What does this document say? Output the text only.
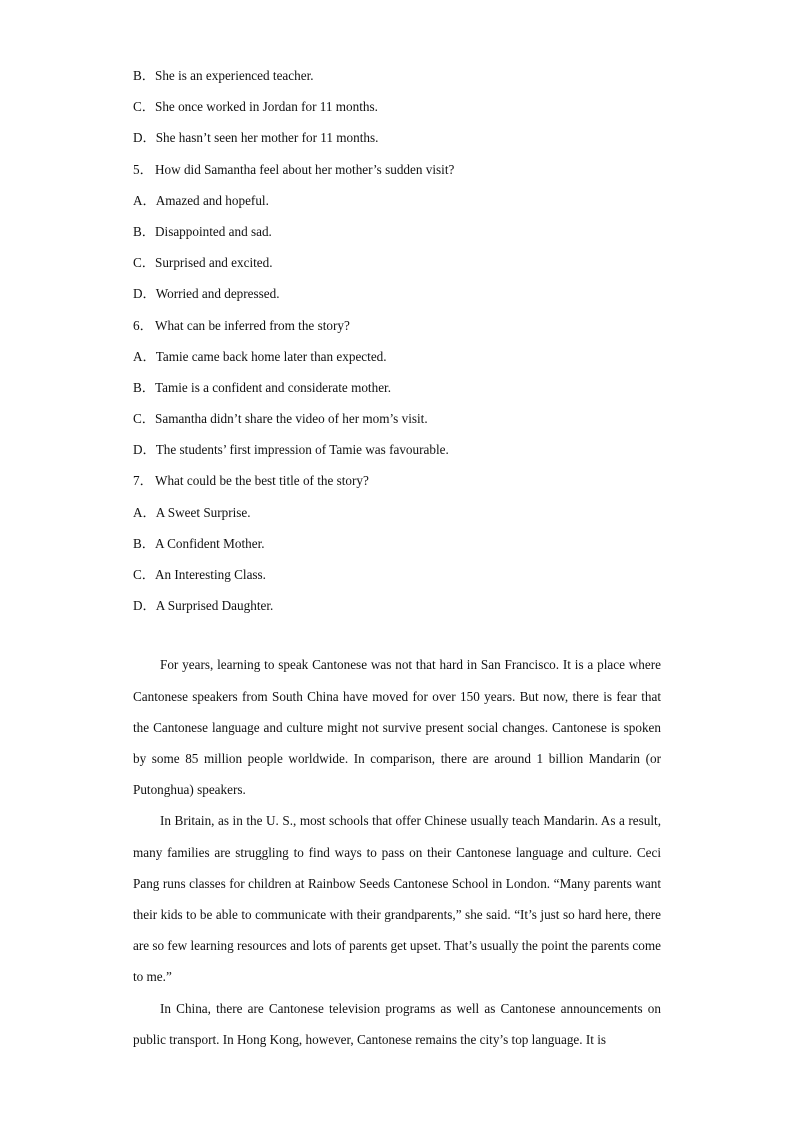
B．She is an experienced teacher.
C．She once worked in Jordan for 11 months.
D．She hasn’t seen her mother for 11 months.
5． How did Samantha feel about her mother’s sudden visit?
A．Amazed and hopeful.
B．Disappointed and sad.
C．Surprised and excited.
D．Worried and depressed.
6． What can be inferred from the story?
A．Tamie came back home later than expected.
B．Tamie is a confident and considerate mother.
C．Samantha didn’t share the video of her mom’s visit.
D．The students’ first impression of Tamie was favourable.
7． What could be the best title of the story?
A．A Sweet Surprise.
B．A Confident Mother.
C．An Interesting Class.
D．A Surprised Daughter.

For years, learning to speak Cantonese was not that hard in San Francisco. It is a place where Cantonese speakers from South China have moved for over 150 years. But now, there is fear that the Cantonese language and culture might not survive present social changes. Cantonese is spoken by some 85 million people worldwide. In comparison, there are around 1 billion Mandarin (or Putonghua) speakers.

In Britain, as in the U. S., most schools that offer Chinese usually teach Mandarin. As a result, many families are struggling to find ways to pass on their Cantonese language and culture. Ceci Pang runs classes for children at Rainbow Seeds Cantonese School in London. “Many parents want their kids to be able to communicate with their grandparents,” she said. “It’s just so hard here, there are so few learning resources and lots of parents get upset. That’s usually the point the parents come to me.”

In China, there are Cantonese television programs as well as Cantonese announcements on public transport. In Hong Kong, however, Cantonese remains the city’s top language. It is
